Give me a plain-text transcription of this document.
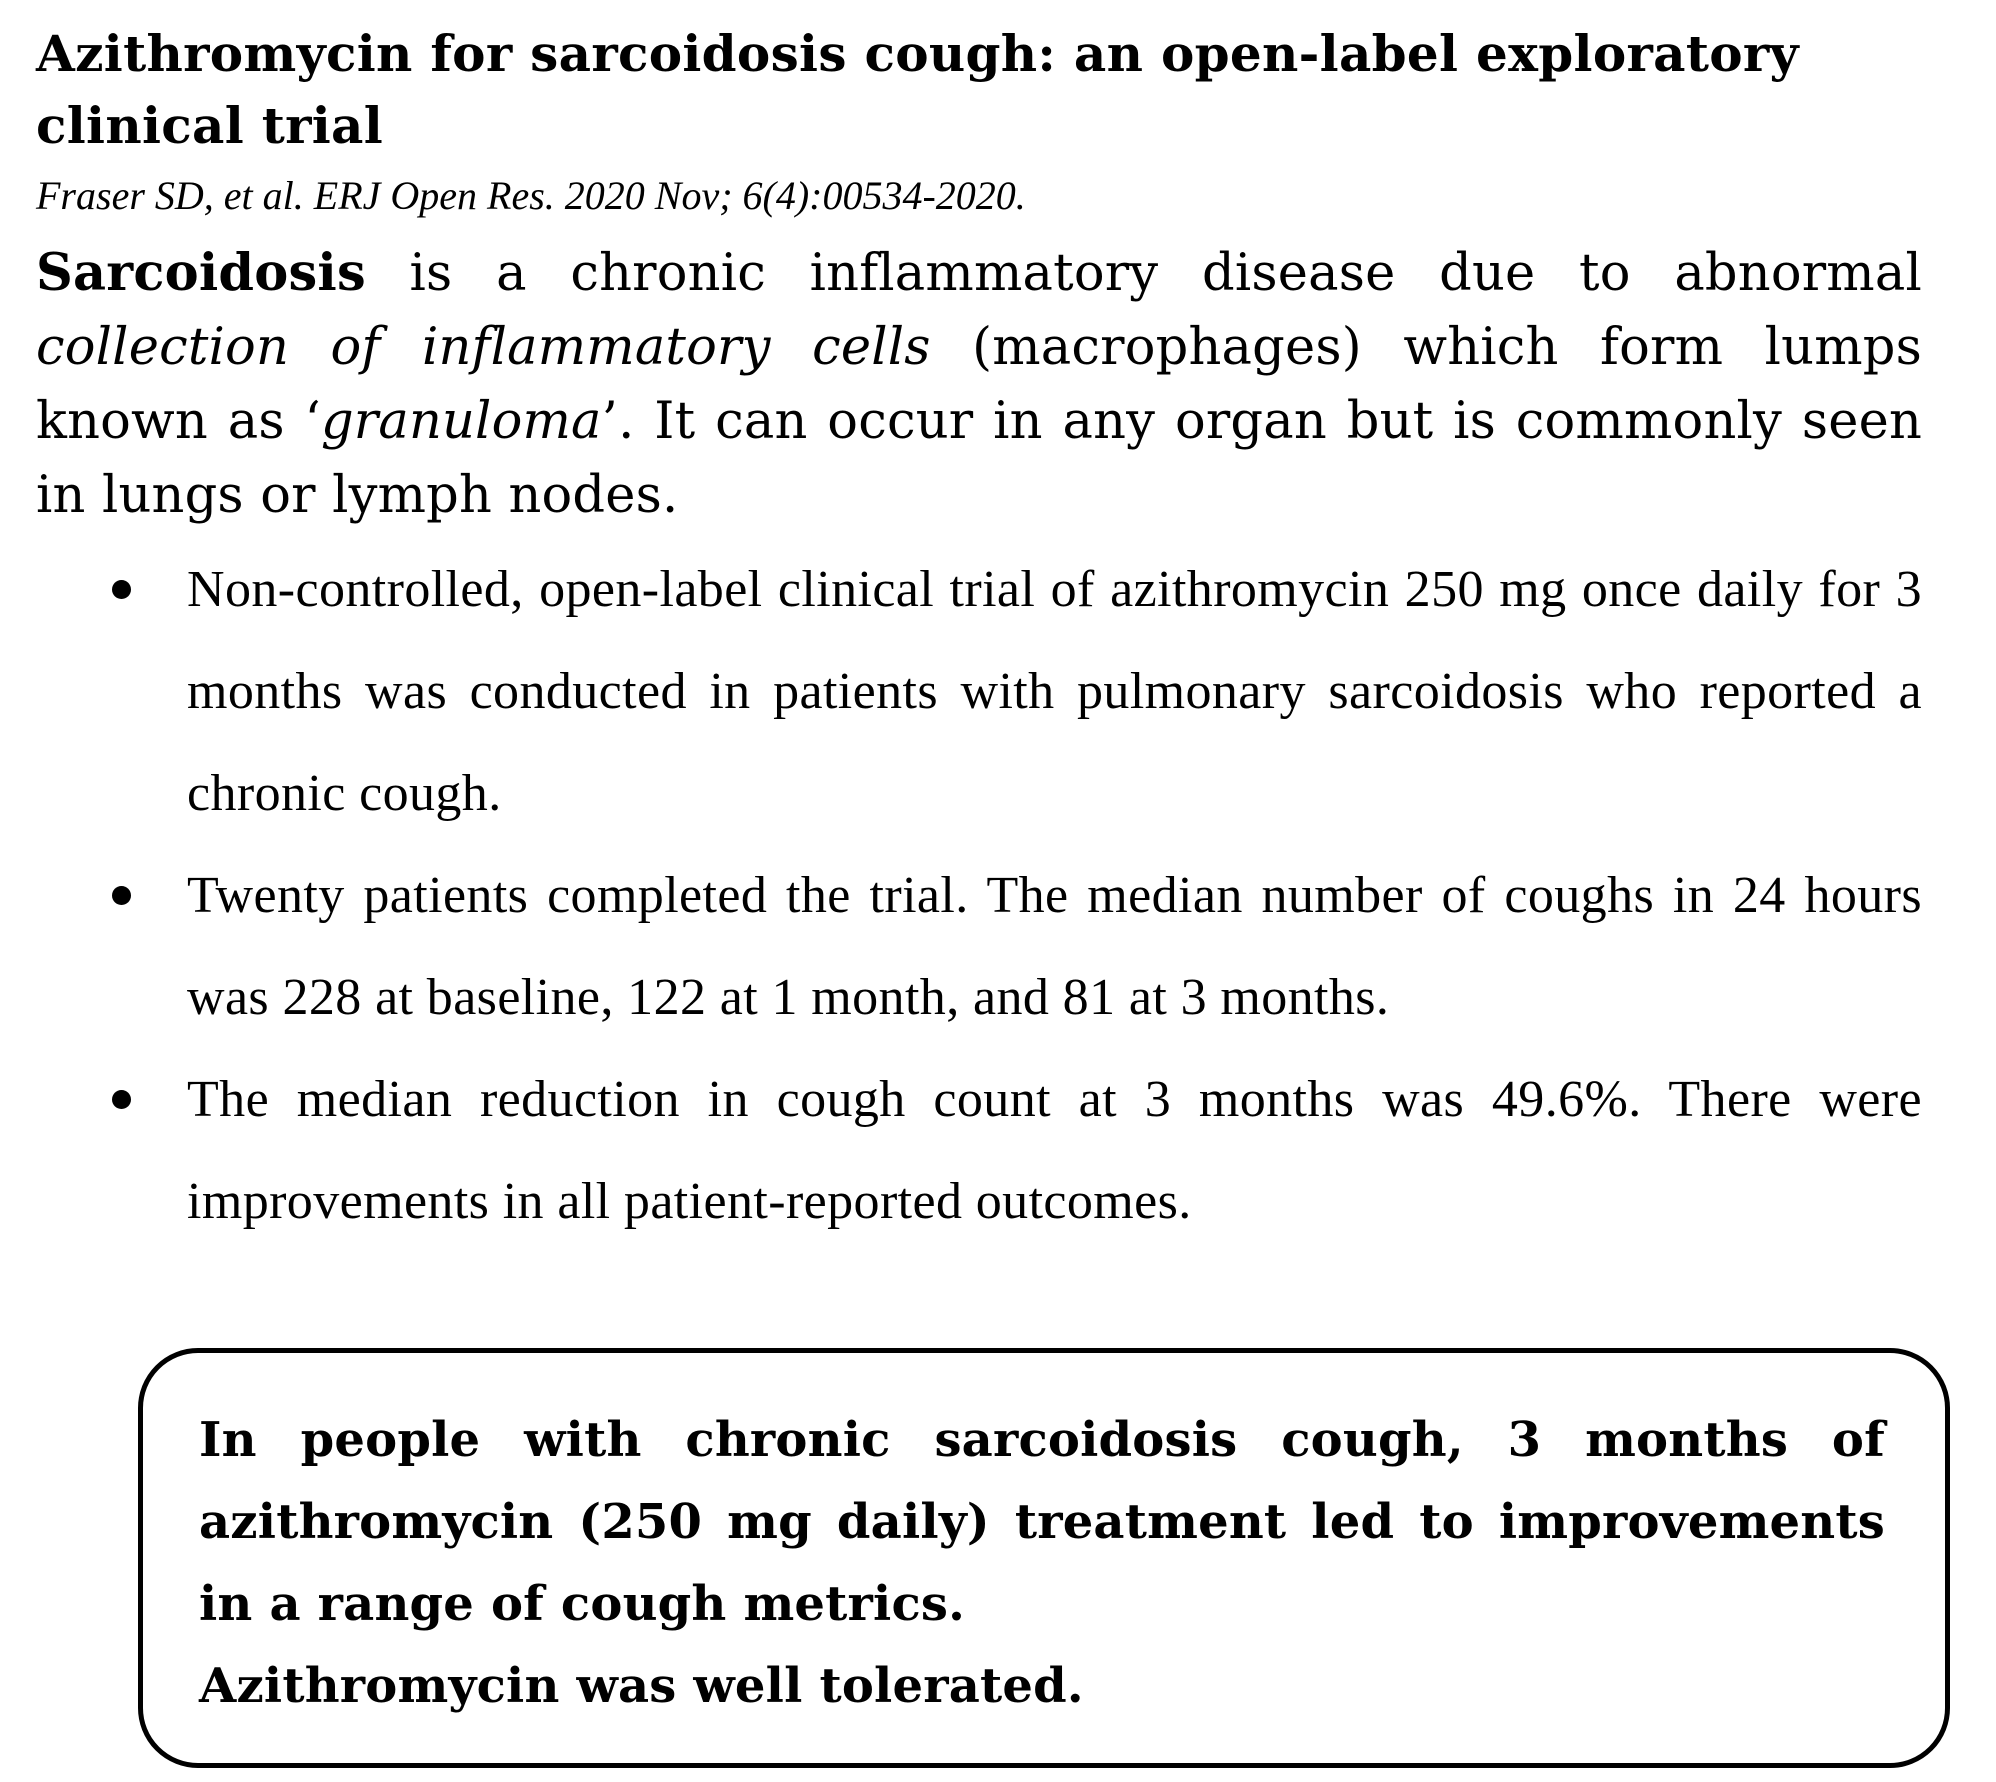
Azithromycin for sarcoidosis cough: an open-label exploratory clinical trial

Fraser SD, et al. ERJ Open Res. 2020 Nov; 6(4):00534-2020.

Sarcoidosis is a chronic inflammatory disease due to abnormal collection of inflammatory cells (macrophages) which form lumps known as ‘granuloma’. It can occur in any organ but is commonly seen in lungs or lymph nodes.

Non-controlled, open-label clinical trial of azithromycin 250 mg once daily for 3 months was conducted in patients with pulmonary sarcoidosis who reported a chronic cough.
Twenty patients completed the trial. The median number of coughs in 24 hours was 228 at baseline, 122 at 1 month, and 81 at 3 months.
The median reduction in cough count at 3 months was 49.6%. There were improvements in all patient-reported outcomes.

In people with chronic sarcoidosis cough, 3 months of azithromycin (250 mg daily) treatment led to improvements in a range of cough metrics.

Azithromycin was well tolerated.
